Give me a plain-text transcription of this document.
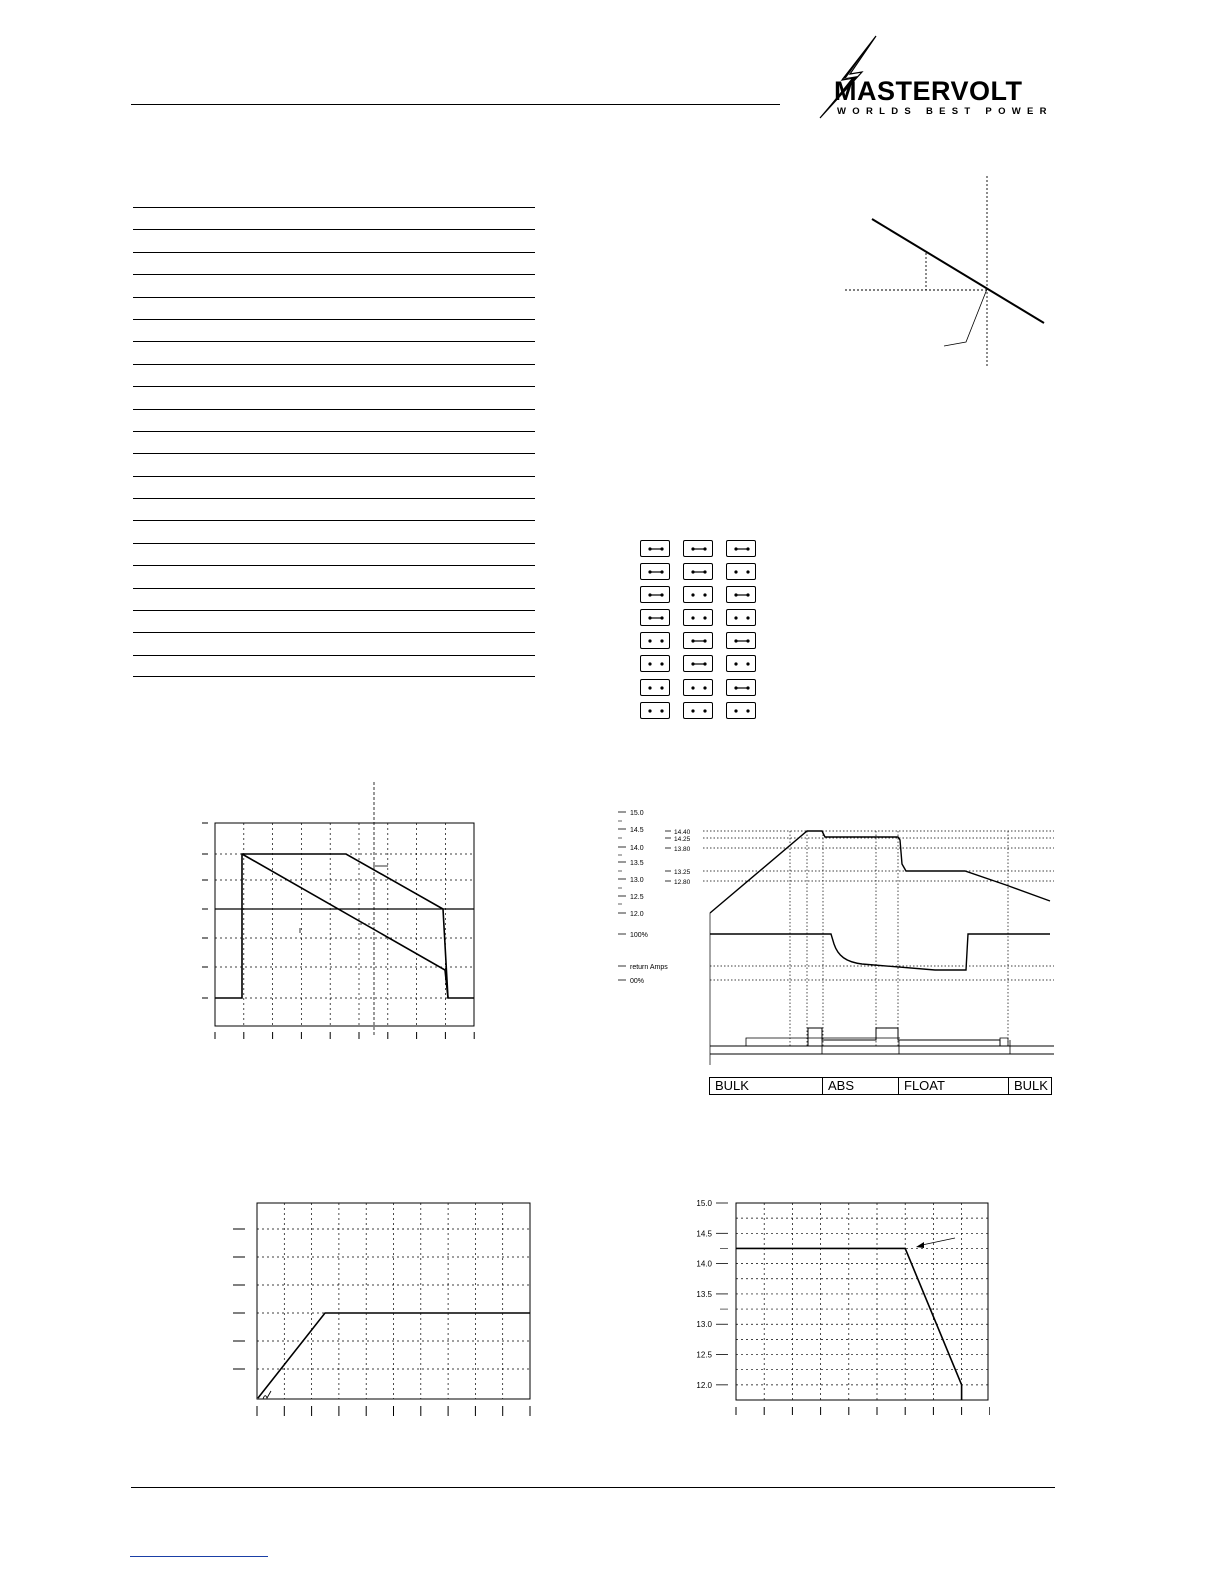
MASTERVOLT
WORLDS BEST POWER
15.0
14.5
14.0
13.5
13.0
12.5
12.0
14.40
14.25
13.80
13.25
12.80
100%
return Amps
00%
BULK	ABS	FLOAT	BULK
15.0
14.5
14.0
13.5
13.0
12.5
12.0
